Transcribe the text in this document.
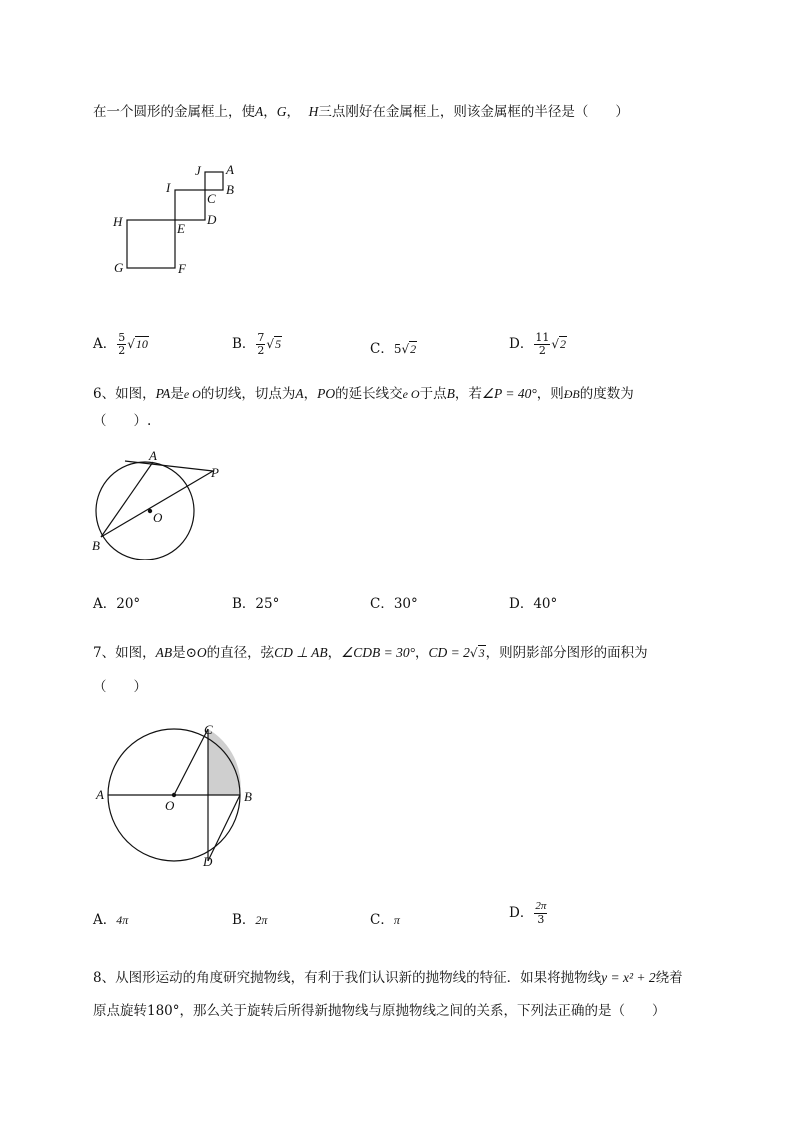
在一个圆形的金属框上，使A，G， H三点刚好在金属框上，则该金属框的半径是（　　）
J A
I
C
B
H	E
D
G	F
A． $\frac{5}{2} √10$	B． $\frac{7}{2} √5$	C．5√2	D． $\frac{11}{2} √2$
6、如图，PA是e O的切线，切点为A，PO的延长线交e O于点B，若∠P = 40°，则ÐB的度数为
（　　）.
A
P
O
B
A．20°	B．25°	C．30°	D．40°
7、如图，AB是⊙O的直径，弦CD ⊥ AB，∠CDB = 30°，CD = 2√3，则阴影部分图形的面积为
（　　）
C
A
O
B
D
A．4π	B．2π	C．π	D． $\frac{2\pi}{3}$
8、从图形运动的角度研究抛物线，有利于我们认识新的抛物线的特征．如果将抛物线y = x² + 2绕着
原点旋转180°，那么关于旋转后所得新抛物线与原抛物线之间的关系，下列法正确的是（　　）
